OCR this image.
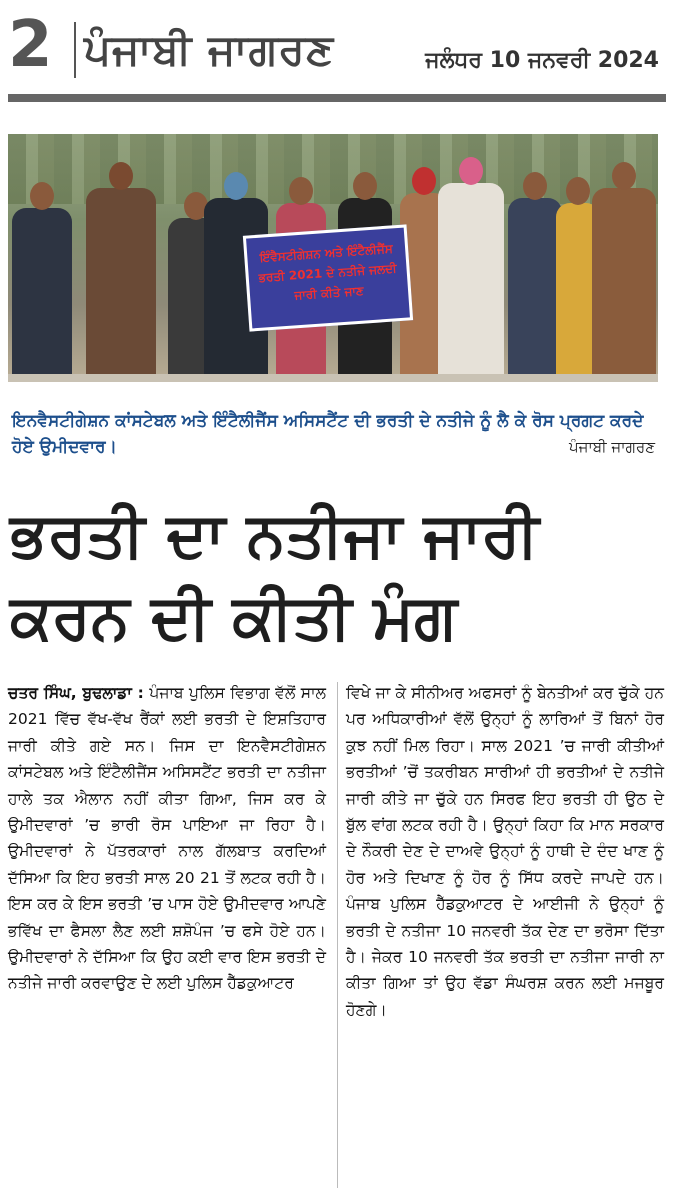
2 ਪੰਜਾਬੀ ਜਾਗਰਣ	ਜਲੰਧਰ 10 ਜਨਵਰੀ 2024
ਇੰਵੈਸਟੀਗੇਸ਼ਨ ਅਤੇ ਇੰਟੈਲੀਜੈਂਸ ਭਰਤੀ 2021 ਦੇ ਨਤੀਜੇ ਜਲਦੀ ਜਾਰੀ ਕੀਤੇ ਜਾਣ
ਇਨਵੈਸਟੀਗੇਸ਼ਨ ਕਾਂਸਟੇਬਲ ਅਤੇ ਇੰਟੈਲੀਜੈਂਸ ਅਸਿਸਟੈਂਟ ਦੀ ਭਰਤੀ ਦੇ ਨਤੀਜੇ ਨੂੰ ਲੈ ਕੇ ਰੋਸ ਪ੍ਰਗਟ ਕਰਦੇ ਹੋਏ ਉਮੀਦਵਾਰ।	ਪੰਜਾਬੀ ਜਾਗਰਣ
ਭਰਤੀ ਦਾ ਨਤੀਜਾ ਜਾਰੀ ਕਰਨ ਦੀ ਕੀਤੀ ਮੰਗ
ਚਤਰ ਸਿੰਘ, ਬੁਢਲਾਡਾ : ਪੰਜਾਬ ਪੁਲਿਸ ਵਿਭਾਗ ਵੱਲੋਂ ਸਾਲ 2021 ਵਿੱਚ ਵੱਖ-ਵੱਖ ਰੈਂਕਾਂ ਲਈ ਭਰਤੀ ਦੇ ਇਸ਼ਤਿਹਾਰ ਜਾਰੀ ਕੀਤੇ ਗਏ ਸਨ। ਜਿਸ ਦਾ ਇਨਵੈਸਟੀਗੇਸ਼ਨ ਕਾਂਸਟੇਬਲ ਅਤੇ ਇੰਟੈਲੀਜੈਂਸ ਅਸਿਸਟੈਂਟ ਭਰਤੀ ਦਾ ਨਤੀਜਾ ਹਾਲੇ ਤਕ ਐਲਾਨ ਨਹੀਂ ਕੀਤਾ ਗਿਆ, ਜਿਸ ਕਰ ਕੇ ਉਮੀਦਵਾਰਾਂ ’ਚ ਭਾਰੀ ਰੋਸ ਪਾਇਆ ਜਾ ਰਿਹਾ ਹੈ। ਉਮੀਦਵਾਰਾਂ ਨੇ ਪੱਤਰਕਾਰਾਂ ਨਾਲ ਗੱਲਬਾਤ ਕਰਦਿਆਂ ਦੱਸਿਆ ਕਿ ਇਹ ਭਰਤੀ ਸਾਲ 20 21 ਤੋਂ ਲਟਕ ਰਹੀ ਹੈ। ਇਸ ਕਰ ਕੇ ਇਸ ਭਰਤੀ ’ਚ ਪਾਸ ਹੋਏ ਉਮੀਦਵਾਰ ਆਪਣੇ ਭਵਿੱਖ ਦਾ ਫੈਸਲਾ ਲੈਣ ਲਈ ਸ਼ਸ਼ੋਪੰਜ ’ਚ ਫਸੇ ਹੋਏ ਹਨ। ਉਮੀਦਵਾਰਾਂ ਨੇ ਦੱਸਿਆ ਕਿ ਉਹ ਕਈ ਵਾਰ ਇਸ ਭਰਤੀ ਦੇ ਨਤੀਜੇ ਜਾਰੀ ਕਰਵਾਉਣ ਦੇ ਲਈ ਪੁਲਿਸ ਹੈੱਡਕੁਆਟਰ
ਵਿਖੇ ਜਾ ਕੇ ਸੀਨੀਅਰ ਅਫਸਰਾਂ ਨੂੰ ਬੇਨਤੀਆਂ ਕਰ ਚੁੱਕੇ ਹਨ ਪਰ ਅਧਿਕਾਰੀਆਂ ਵੱਲੋਂ ਉਨ੍ਹਾਂ ਨੂੰ ਲਾਰਿਆਂ ਤੋਂ ਬਿਨਾਂ ਹੋਰ ਕੁਝ ਨਹੀਂ ਮਿਲ ਰਿਹਾ। ਸਾਲ 2021 ’ਚ ਜਾਰੀ ਕੀਤੀਆਂ ਭਰਤੀਆਂ ’ਚੋਂ ਤਕਰੀਬਨ ਸਾਰੀਆਂ ਹੀ ਭਰਤੀਆਂ ਦੇ ਨਤੀਜੇ ਜਾਰੀ ਕੀਤੇ ਜਾ ਚੁੱਕੇ ਹਨ ਸਿਰਫ ਇਹ ਭਰਤੀ ਹੀ ਉਠ ਦੇ ਬੁੱਲ ਵਾਂਗ ਲਟਕ ਰਹੀ ਹੈ। ਉਨ੍ਹਾਂ ਕਿਹਾ ਕਿ ਮਾਨ ਸਰਕਾਰ ਦੇ ਨੌਕਰੀ ਦੇਣ ਦੇ ਦਾਅਵੇ ਉਨ੍ਹਾਂ ਨੂੰ ਹਾਥੀ ਦੇ ਦੰਦ ਖਾਣ ਨੂੰ ਹੋਰ ਅਤੇ ਦਿਖਾਣ ਨੂੰ ਹੋਰ ਨੂੰ ਸਿੱਧ ਕਰਦੇ ਜਾਪਦੇ ਹਨ। ਪੰਜਾਬ ਪੁਲਿਸ ਹੈੱਡਕੁਆਟਰ ਦੇ ਆਈਜੀ ਨੇ ਉਨ੍ਹਾਂ ਨੂੰ ਭਰਤੀ ਦੇ ਨਤੀਜਾ 10 ਜਨਵਰੀ ਤੱਕ ਦੇਣ ਦਾ ਭਰੋਸਾ ਦਿੱਤਾ ਹੈ। ਜੇਕਰ 10 ਜਨਵਰੀ ਤੱਕ ਭਰਤੀ ਦਾ ਨਤੀਜਾ ਜਾਰੀ ਨਾ ਕੀਤਾ ਗਿਆ ਤਾਂ ਉਹ ਵੱਡਾ ਸੰਘਰਸ਼ ਕਰਨ ਲਈ ਮਜਬੂਰ ਹੋਣਗੇ।
